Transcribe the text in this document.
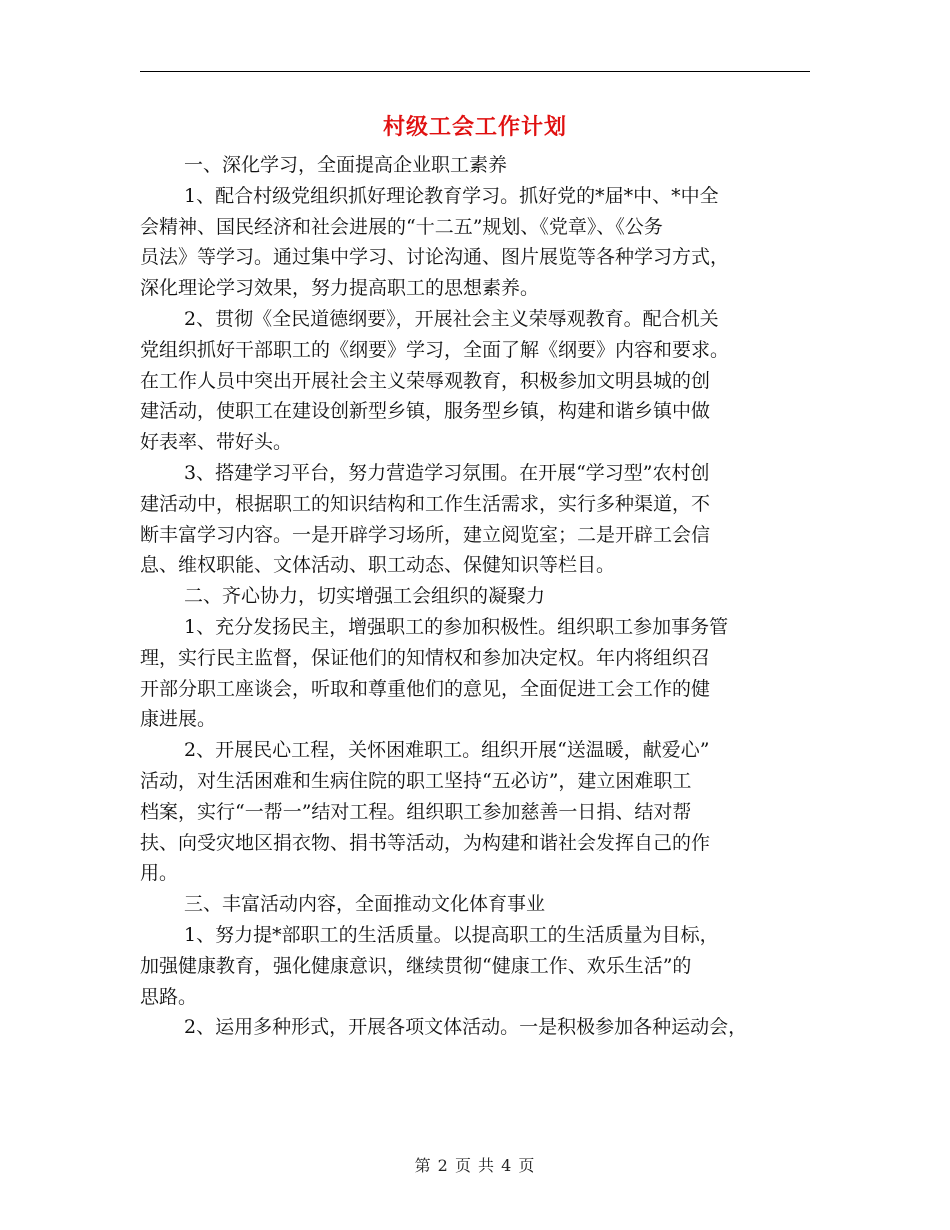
村级工会工作计划
一、深化学习，全面提高企业职工素养
1、配合村级党组织抓好理论教育学习。抓好党的*届*中、*中全
会精神、国民经济和社会进展的“十二五”规划、《党章》、《公务
员法》等学习。通过集中学习、讨论沟通、图片展览等各种学习方式，
深化理论学习效果，努力提高职工的思想素养。
2、贯彻《全民道德纲要》，开展社会主义荣辱观教育。配合机关
党组织抓好干部职工的《纲要》学习，全面了解《纲要》内容和要求。
在工作人员中突出开展社会主义荣辱观教育，积极参加文明县城的创
建活动，使职工在建设创新型乡镇，服务型乡镇，构建和谐乡镇中做
好表率、带好头。
3、搭建学习平台，努力营造学习氛围。在开展“学习型”农村创
建活动中，根据职工的知识结构和工作生活需求，实行多种渠道，不
断丰富学习内容。一是开辟学习场所，建立阅览室；二是开辟工会信
息、维权职能、文体活动、职工动态、保健知识等栏目。
二、齐心协力，切实增强工会组织的凝聚力
1、充分发扬民主，增强职工的参加积极性。组织职工参加事务管
理，实行民主监督，保证他们的知情权和参加决定权。年内将组织召
开部分职工座谈会，听取和尊重他们的意见，全面促进工会工作的健
康进展。
2、开展民心工程，关怀困难职工。组织开展“送温暖，献爱心”
活动，对生活困难和生病住院的职工坚持“五必访”，建立困难职工
档案，实行“一帮一”结对工程。组织职工参加慈善一日捐、结对帮
扶、向受灾地区捐衣物、捐书等活动，为构建和谐社会发挥自己的作
用。
三、丰富活动内容，全面推动文化体育事业
1、努力提*部职工的生活质量。以提高职工的生活质量为目标，
加强健康教育，强化健康意识，继续贯彻“健康工作、欢乐生活”的
思路。
2、运用多种形式，开展各项文体活动。一是积极参加各种运动会，
第 2 页 共 4 页
